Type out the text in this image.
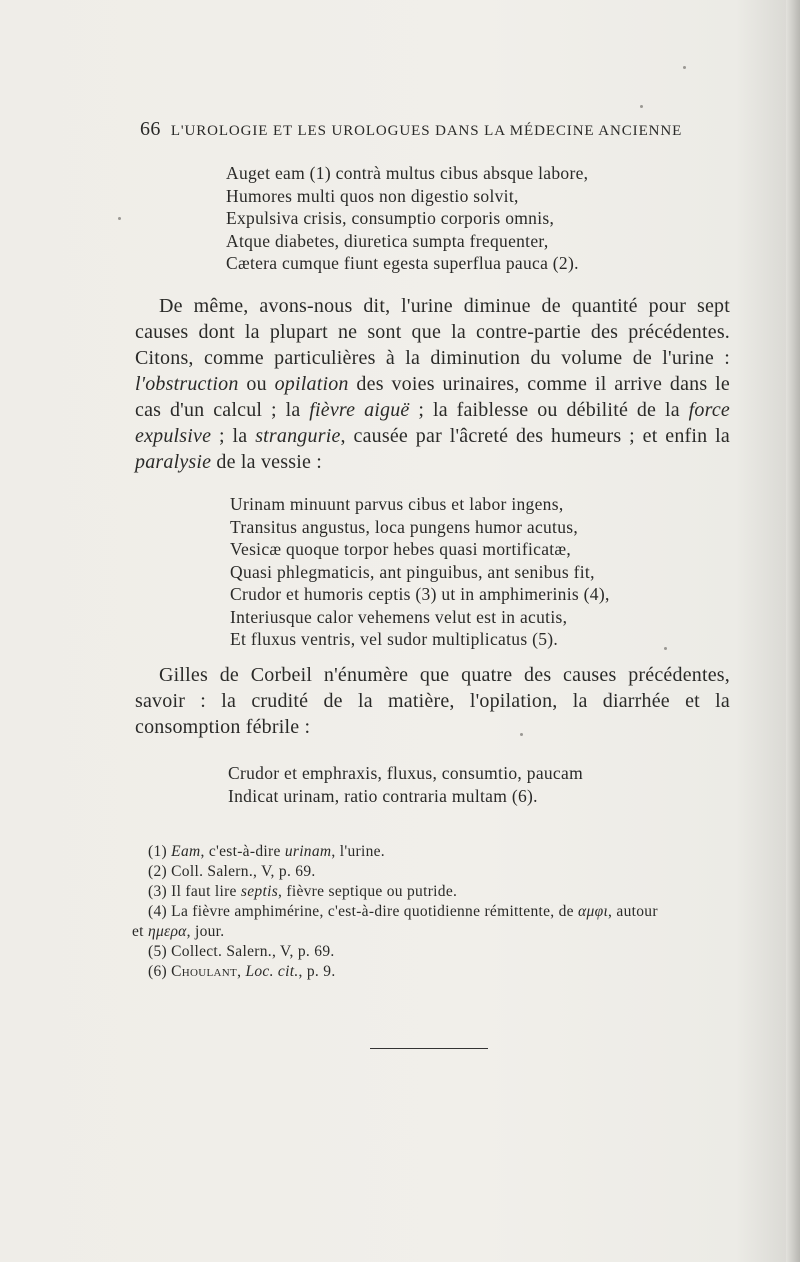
66 L'UROLOGIE ET LES UROLOGUES DANS LA MÉDECINE ANCIENNE
Auget eam (1) contrà multus cibus absque labore,
Humores multi quos non digestio solvit,
Expulsiva crisis, consumptio corporis omnis,
Atque diabetes, diuretica sumpta frequenter,
Cætera cumque fiunt egesta superflua pauca (2).

De même, avons-nous dit, l'urine diminue de quantité pour sept causes dont la plupart ne sont que la contre-partie des précédentes. Citons, comme particulières à la diminution du volume de l'urine : l'obstruction ou opilation des voies urinaires, comme il arrive dans le cas d'un calcul ; la fièvre aiguë ; la faiblesse ou débilité de la force expulsive ; la strangurie, causée par l'âcreté des humeurs ; et enfin la paralysie de la vessie :

Urinam minuunt parvus cibus et labor ingens,
Transitus angustus, loca pungens humor acutus,
Vesicæ quoque torpor hebes quasi mortificatæ,
Quasi phlegmaticis, ant pinguibus, ant senibus fit,
Crudor et humoris ceptis (3) ut in amphimerinis (4),
Interiusque calor vehemens velut est in acutis,
Et fluxus ventris, vel sudor multiplicatus (5).

Gilles de Corbeil n'énumère que quatre des causes précédentes, savoir : la crudité de la matière, l'opilation, la diarrhée et la consomption fébrile :

Crudor et emphraxis, fluxus, consumtio, paucam
Indicat urinam, ratio contraria multam (6).
(1) Eam, c'est-à-dire urinam, l'urine.
(2) Coll. Salern., V, p. 69.
(3) Il faut lire septis, fièvre septique ou putride.
(4) La fièvre amphimérine, c'est-à-dire quotidienne rémittente, de αμφι, autour
et ημερα, jour.
(5) Collect. Salern., V, p. 69.
(6) Choulant, Loc. cit., p. 9.
